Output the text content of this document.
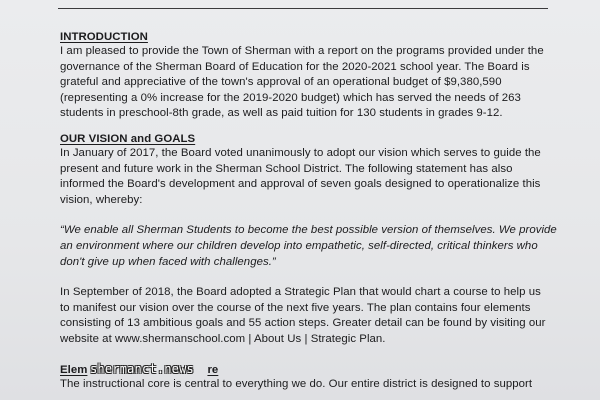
INTRODUCTION

I am pleased to provide the Town of Sherman with a report on the programs provided under the
governance of the Sherman Board of Education for the 2020-2021 school year. The Board is
grateful and appreciative of the town's approval of an operational budget of $9,380,590
(representing a 0% increase for the 2019-2020 budget) which has served the needs of 263
students in preschool-8th grade, as well as paid tuition for 130 students in grades 9-12.

OUR VISION and GOALS

In January of 2017, the Board voted unanimously to adopt our vision which serves to guide the
present and future work in the Sherman School District. The following statement has also
informed the Board's development and approval of seven goals designed to operationalize this
vision, whereby:

“We enable all Sherman Students to become the best possible version of themselves. We provide
an environment where our children develop into empathetic, self-directed, critical thinkers who
don't give up when faced with challenges.”

In September of 2018, the Board adopted a Strategic Plan that would chart a course to help us
to manifest our vision over the course of the next five years. The plan contains four elements
consisting of 13 ambitious goals and 55 action steps. Greater detail can be found by visiting our
website at www.shermanschool.com | About Us | Strategic Plan.

Elem	re
shermanct.news

The instructional core is central to everything we do. Our entire district is designed to support
